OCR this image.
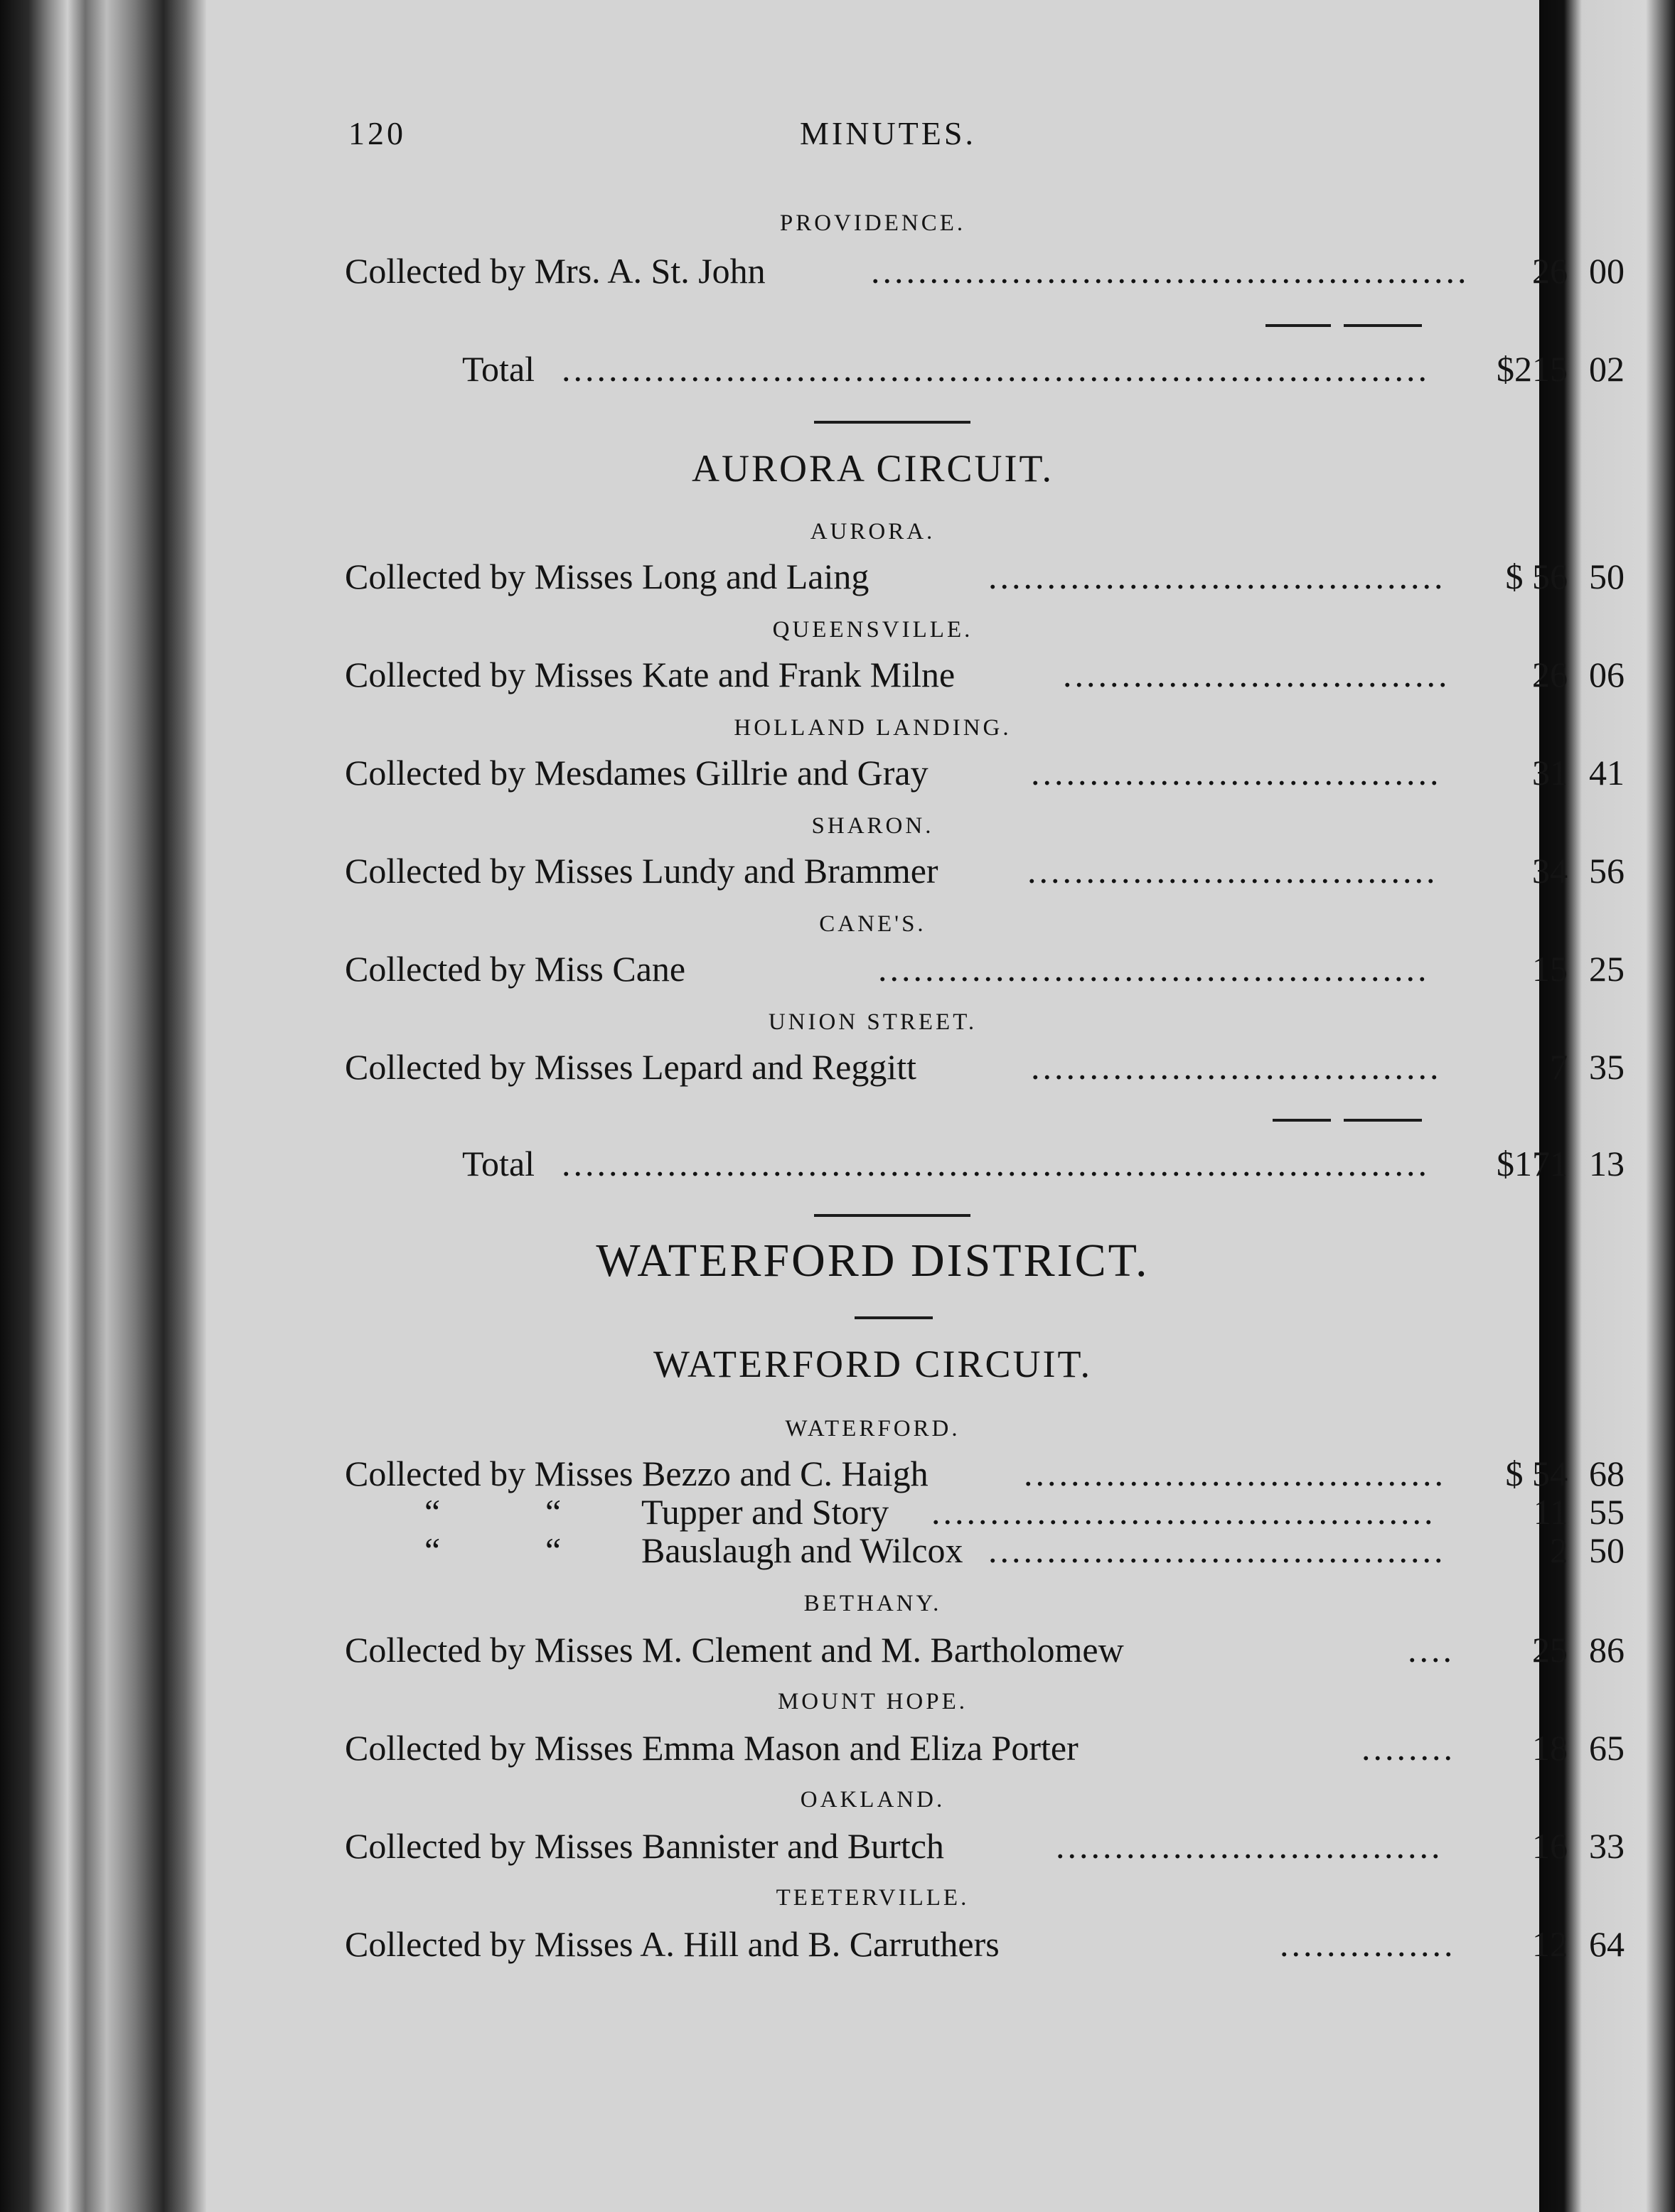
120	MINUTES.
PROVIDENCE.
Collected by Mrs. A. St. John	...................................................	26 00
Total ..........................................................................	$215 02
AURORA CIRCUIT.
AURORA.
Collected by Misses Long and Laing	.......................................	$ 56 50
QUEENSVILLE.
Collected by Misses Kate and Frank Milne	.................................	26 06
HOLLAND LANDING.
Collected by Mesdames Gillrie and Gray	...................................	31 41
SHARON.
Collected by Misses Lundy and Brammer	...................................	34 56
CANE'S.
Collected by Miss Cane	...............................................	15 25
UNION STREET.
Collected by Misses Lepard and Reggitt	...................................	7 35
Total ..........................................................................	$171 13
WATERFORD DISTRICT.
WATERFORD CIRCUIT.
WATERFORD.
Collected by Misses Bezzo and C. Haigh	....................................	$ 54 68
“	“ Tupper and Story ...........................................	11 55
“	“ Bauslaugh and Wilcox .......................................	2 50
BETHANY.
Collected by Misses M. Clement and M. Bartholomew	....	25 86
MOUNT HOPE.
Collected by Misses Emma Mason and Eliza Porter	........	18 65
OAKLAND.
Collected by Misses Bannister and Burtch	.................................	16 33
TEETERVILLE.
Collected by Misses A. Hill and B. Carruthers	...............	12 64
